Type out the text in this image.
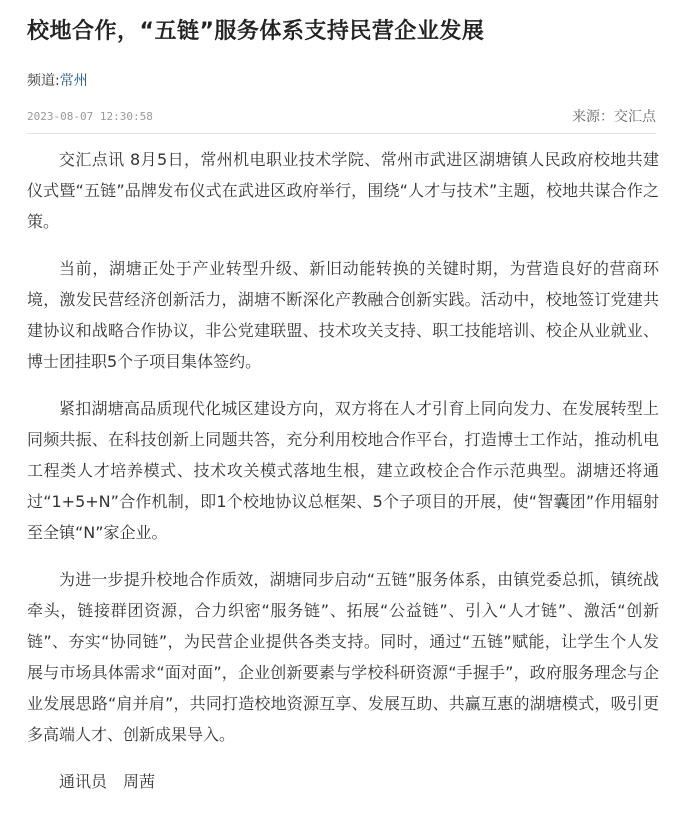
校地合作，“五链”服务体系支持民营企业发展
频道:常州
2023-08-07 12:30:58	来源：交汇点

交汇点讯 8月5日，常州机电职业技术学院、常州市武进区湖塘镇人民政府校地共建仪式暨“五链”品牌发布仪式在武进区政府举行，围绕“人才与技术”主题，校地共谋合作之策。

当前，湖塘正处于产业转型升级、新旧动能转换的关键时期，为营造良好的营商环境，激发民营经济创新活力，湖塘不断深化产教融合创新实践。活动中，校地签订党建共建协议和战略合作协议，非公党建联盟、技术攻关支持、职工技能培训、校企从业就业、博士团挂职5个子项目集体签约。

紧扣湖塘高品质现代化城区建设方向，双方将在人才引育上同向发力、在发展转型上同频共振、在科技创新上同题共答，充分利用校地合作平台，打造博士工作站，推动机电工程类人才培养模式、技术攻关模式落地生根，建立政校企合作示范典型。湖塘还将通过“1+5+N”合作机制，即1个校地协议总框架、5个子项目的开展，使“智囊团”作用辐射至全镇“N”家企业。

为进一步提升校地合作质效，湖塘同步启动“五链”服务体系，由镇党委总抓，镇统战牵头，链接群团资源，合力织密“服务链”、拓展“公益链”、引入“人才链”、激活“创新链”、夯实“协同链”，为民营企业提供各类支持。同时，通过“五链”赋能，让学生个人发展与市场具体需求“面对面”，企业创新要素与学校科研资源“手握手”，政府服务理念与企业发展思路“肩并肩”，共同打造校地资源互享、发展互助、共赢互惠的湖塘模式，吸引更多高端人才、创新成果导入。

通讯员　周茜
